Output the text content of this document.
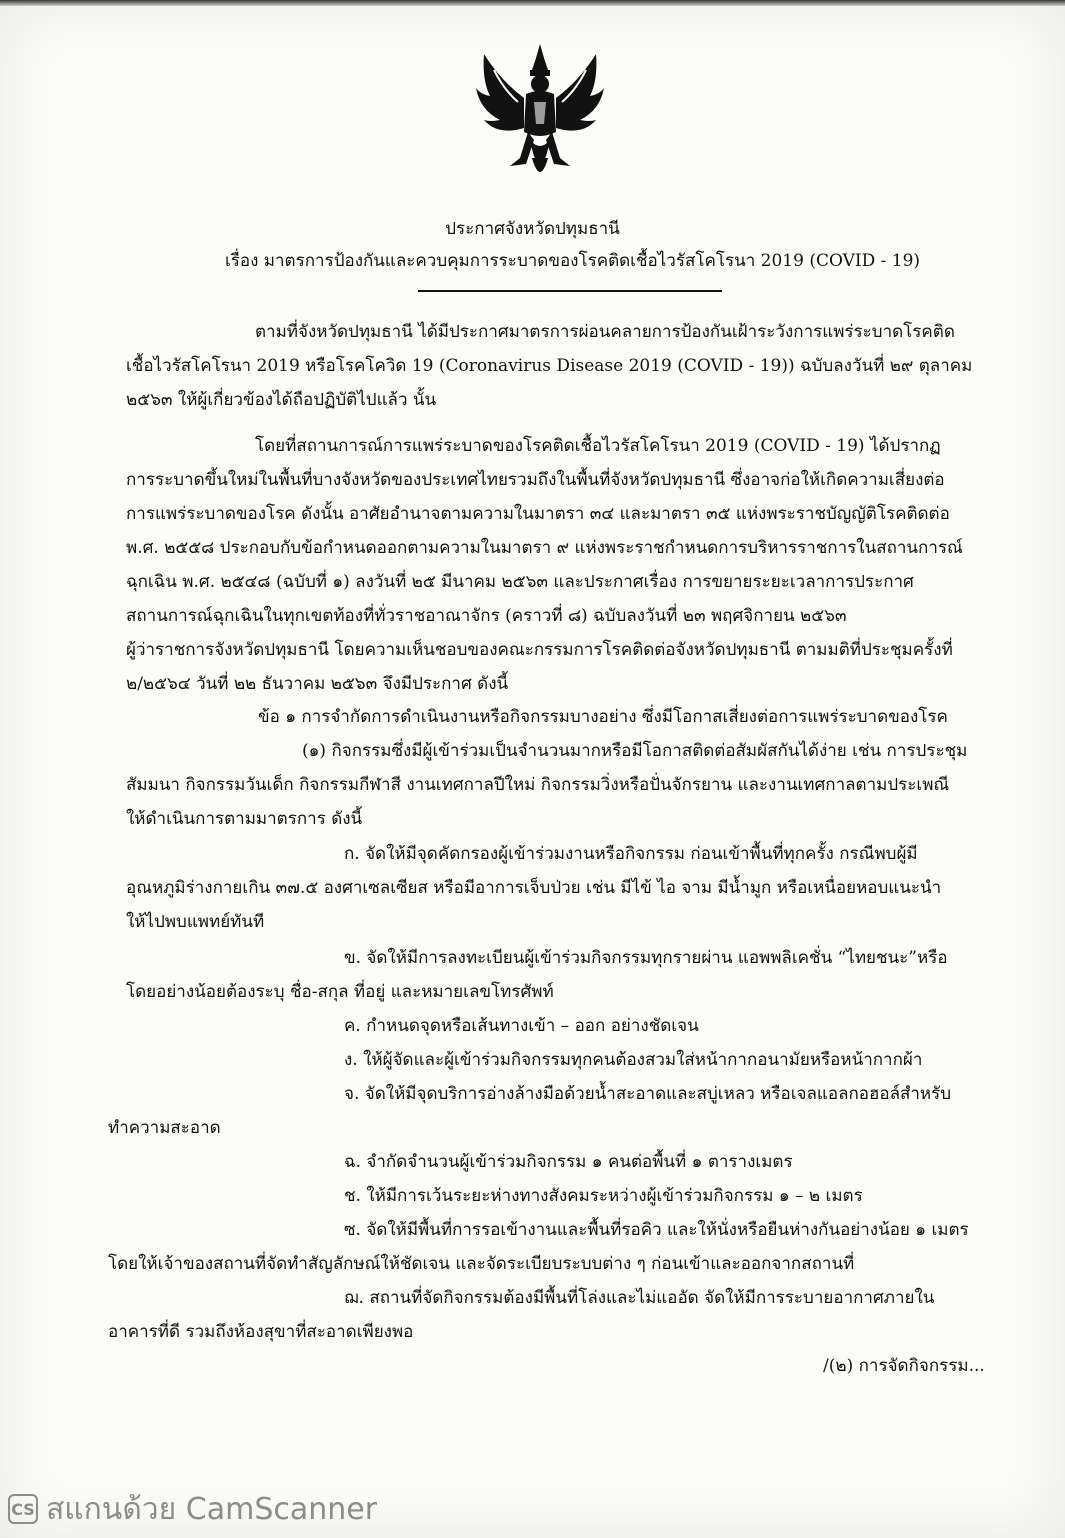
ประกาศจังหวัดปทุมธานี
เรื่อง มาตรการป้องกันและควบคุมการระบาดของโรคติดเชื้อไวรัสโคโรนา 2019 (COVID - 19)
ตามที่จังหวัดปทุมธานี ได้มีประกาศมาตรการผ่อนคลายการป้องกันเฝ้าระวังการแพร่ระบาดโรคติด
เชื้อไวรัสโคโรนา 2019 หรือโรคโควิด 19 (Coronavirus Disease 2019 (COVID - 19)) ฉบับลงวันที่ ๒๙ ตุลาคม
๒๕๖๓ ให้ผู้เกี่ยวข้องได้ถือปฏิบัติไปแล้ว นั้น
โดยที่สถานการณ์การแพร่ระบาดของโรคติดเชื้อไวรัสโคโรนา 2019 (COVID - 19) ได้ปรากฏ
การระบาดขึ้นใหม่ในพื้นที่บางจังหวัดของประเทศไทยรวมถึงในพื้นที่จังหวัดปทุมธานี ซึ่งอาจก่อให้เกิดความเสี่ยงต่อ
การแพร่ระบาดของโรค ดังนั้น อาศัยอำนาจตามความในมาตรา ๓๔ และมาตรา ๓๕ แห่งพระราชบัญญัติโรคติดต่อ
พ.ศ. ๒๕๕๘ ประกอบกับข้อกำหนดออกตามความในมาตรา ๙ แห่งพระราชกำหนดการบริหารราชการในสถานการณ์
ฉุกเฉิน พ.ศ. ๒๕๔๘ (ฉบับที่ ๑) ลงวันที่ ๒๕ มีนาคม ๒๕๖๓ และประกาศเรื่อง การขยายระยะเวลาการประกาศ
สถานการณ์ฉุกเฉินในทุกเขตท้องที่ทั่วราชอาณาจักร (คราวที่ ๘) ฉบับลงวันที่ ๒๓ พฤศจิกายน ๒๕๖๓
ผู้ว่าราชการจังหวัดปทุมธานี โดยความเห็นชอบของคณะกรรมการโรคติดต่อจังหวัดปทุมธานี ตามมติที่ประชุมครั้งที่
๒/๒๕๖๔ วันที่ ๒๒ ธันวาคม ๒๕๖๓ จึงมีประกาศ ดังนี้
ข้อ ๑ การจำกัดการดำเนินงานหรือกิจกรรมบางอย่าง ซึ่งมีโอกาสเสี่ยงต่อการแพร่ระบาดของโรค
(๑) กิจกรรมซึ่งมีผู้เข้าร่วมเป็นจำนวนมากหรือมีโอกาสติดต่อสัมผัสกันได้ง่าย เช่น การประชุม
สัมมนา กิจกรรมวันเด็ก กิจกรรมกีฬาสี งานเทศกาลปีใหม่ กิจกรรมวิ่งหรือปั่นจักรยาน และงานเทศกาลตามประเพณี
ให้ดำเนินการตามมาตรการ ดังนี้
ก. จัดให้มีจุดคัดกรองผู้เข้าร่วมงานหรือกิจกรรม ก่อนเข้าพื้นที่ทุกครั้ง กรณีพบผู้มี
อุณหภูมิร่างกายเกิน ๓๗.๕ องศาเซลเซียส หรือมีอาการเจ็บป่วย เช่น มีไข้ ไอ จาม มีน้ำมูก หรือเหนื่อยหอบแนะนำ
ให้ไปพบแพทย์ทันที
ข. จัดให้มีการลงทะเบียนผู้เข้าร่วมกิจกรรมทุกรายผ่าน แอพพลิเคชั่น “ไทยชนะ”หรือ
โดยอย่างน้อยต้องระบุ ชื่อ-สกุล ที่อยู่ และหมายเลขโทรศัพท์
ค. กำหนดจุดหรือเส้นทางเข้า – ออก อย่างชัดเจน
ง. ให้ผู้จัดและผู้เข้าร่วมกิจกรรมทุกคนต้องสวมใส่หน้ากากอนามัยหรือหน้ากากผ้า
จ. จัดให้มีจุดบริการอ่างล้างมือด้วยน้ำสะอาดและสบู่เหลว หรือเจลแอลกอฮอล์สำหรับ
ทำความสะอาด
ฉ. จำกัดจำนวนผู้เข้าร่วมกิจกรรม ๑ คนต่อพื้นที่ ๑ ตารางเมตร
ช. ให้มีการเว้นระยะห่างทางสังคมระหว่างผู้เข้าร่วมกิจกรรม ๑ – ๒ เมตร
ซ. จัดให้มีพื้นที่การรอเข้างานและพื้นที่รอคิว และให้นั่งหรือยืนห่างกันอย่างน้อย ๑ เมตร
โดยให้เจ้าของสถานที่จัดทำสัญลักษณ์ให้ชัดเจน และจัดระเบียบระบบต่าง ๆ ก่อนเข้าและออกจากสถานที่
ฌ. สถานที่จัดกิจกรรมต้องมีพื้นที่โล่งและไม่แออัด จัดให้มีการระบายอากาศภายใน
อาคารที่ดี รวมถึงห้องสุขาที่สะอาดเพียงพอ
/(๒) การจัดกิจกรรม...
CS สแกนด้วย CamScanner
